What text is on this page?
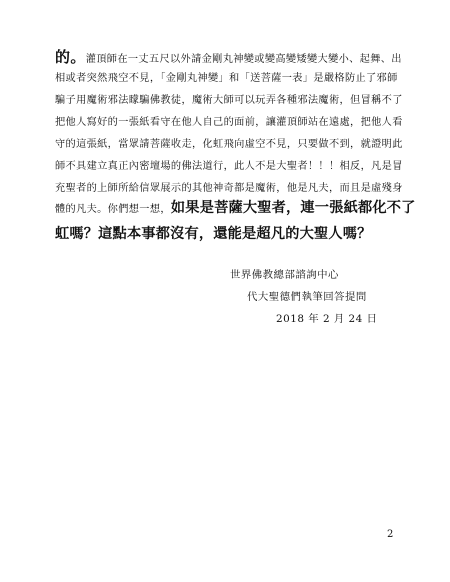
的。灌頂師在一丈五尺以外請金剛丸神變或變高變矮變大變小、起舞、出
相或者突然飛空不見，「金剛丸神變」和「送菩薩一表」是嚴格防止了邪師
騙子用魔術邪法矇騙佛教徒，魔術大師可以玩弄各種邪法魔術，但冒稱不了
把他人寫好的一張紙看守在他人自己的面前，讓灌頂師站在遠處，把他人看
守的這張紙，當眾請菩薩收走，化虹飛向虛空不見，只要做不到，就證明此
師不具建立真正內密壇場的佛法道行，此人不是大聖者！！！相反，凡是冒
充聖者的上師所給信眾展示的其他神奇都是魔術，他是凡夫，而且是虛殘身
體的凡夫。你們想一想，如果是菩薩大聖者，連一張紙都化不了
虹嗎？這點本事都沒有，還能是超凡的大聖人嗎？
世界佛教總部諮詢中心
代大聖德們執筆回答提問
2018 年 2 月 24 日
2
